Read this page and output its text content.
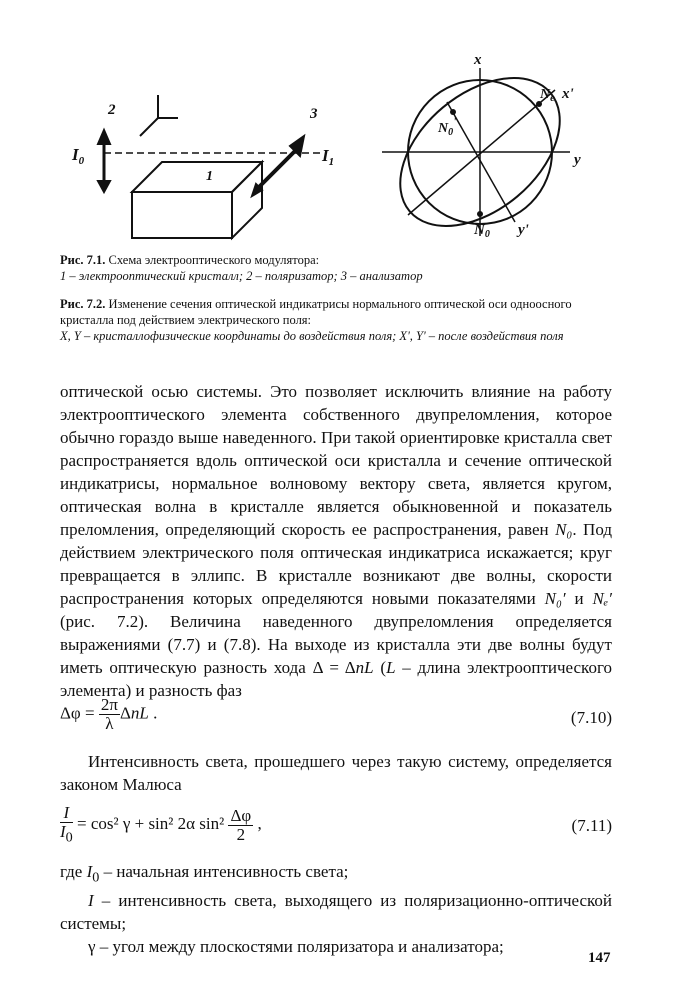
2
$I_0$	$I_1$
1
3
x
y
x'
y'
$N_0$
$N_0'$
$N_e$
Рис. 7.1. Схема электрооптического модулятора:
1 – электрооптический кристалл; 2 – поляризатор; 3 – анализатор
Рис. 7.2. Изменение сечения оптической индикатрисы нормального оптической оси одноосного кристалла под действием электрического поля:
X, Y – кристаллофизические координаты до воздействия поля; X', Y' – после воздействия поля

оптической осью системы. Это позволяет исключить влияние на работу электрооптического элемента собственного двупреломления, которое обычно гораздо выше наведенного. При такой ориентировке кристалла свет распространяется вдоль оптической оси кристалла и сечение оптической индикатрисы, нормальное волновому вектору света, является кругом, оптическая волна в кристалле является обыкновенной и показатель преломления, определяющий скорость ее распространения, равен N₀. Под действием электрического поля оптическая индикатриса искажается; круг превращается в эллипс. В кристалле возникают две волны, скорости распространения которых определяются новыми показателями N₀′ и Nₑ′ (рис. 7.2). Величина наведенного двупреломления определяется выражениями (7.7) и (7.8). На выходе из кристалла эти две волны будут иметь оптическую разность хода Δ = ΔnL (L – длина электрооптического элемента) и разность фаз

$\Delta\varphi = \frac{2\pi}{\lambda}$ ΔnL .	(7.10)

Интенсивность света, прошедшего через такую систему, определяется законом Малюса

$\frac{I}{I_0} = \cos^2$ γ + sin² 2α $\sin^2 \frac{\Delta\varphi}{2}$ ,	(7.11)

где $I_0$ – начальная интенсивность света;

I – интенсивность света, выходящего из поляризационно-оптической системы;

γ – угол между плоскостями поляризатора и анализатора;

147
